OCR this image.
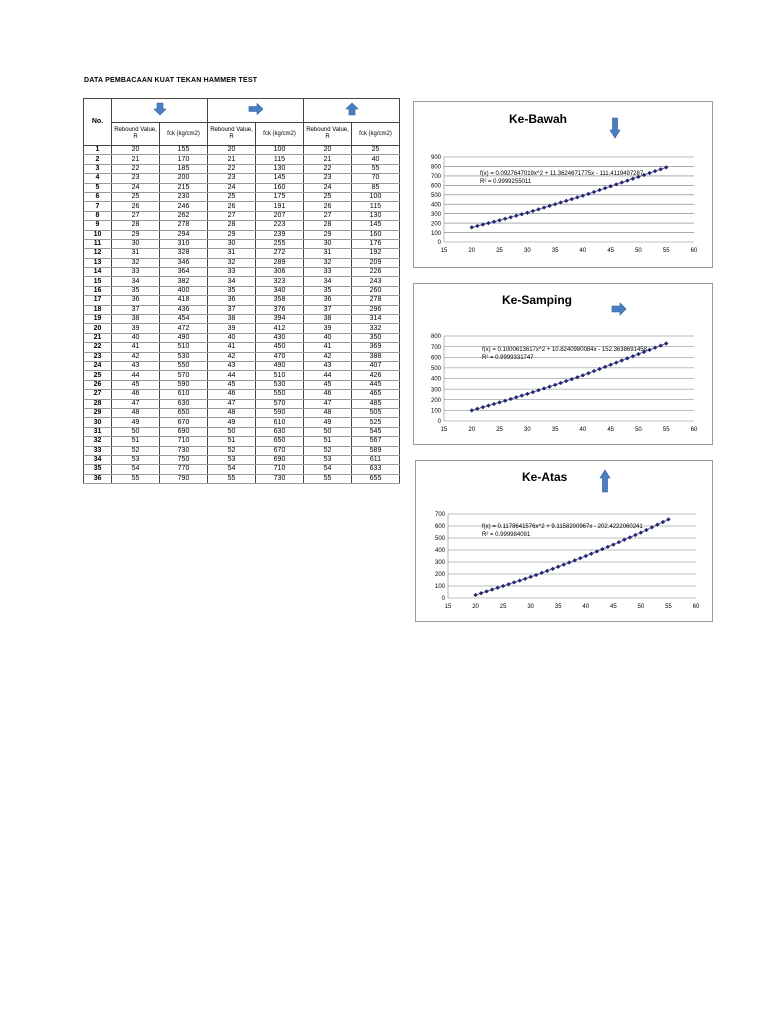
DATA PEMBACAAN KUAT TEKAN HAMMER TEST
No.			
	Rebound Value, R	fck (kg/cm2)	Rebound Value, R	fck (kg/cm2)	Rebound Value, R	fck (kg/cm2)
1	20	155	20	100	20	25
2	21	170	21	115	21	40
3	22	185	22	130	22	55
4	23	200	23	145	23	70
5	24	215	24	160	24	85
6	25	230	25	175	25	100
7	26	246	26	191	26	115
8	27	262	27	207	27	130
9	28	278	28	223	28	145
10	29	294	29	239	29	160
11	30	310	30	255	30	176
12	31	328	31	272	31	192
13	32	346	32	289	32	209
14	33	364	33	306	33	226
15	34	382	34	323	34	243
16	35	400	35	340	35	260
17	36	418	36	358	36	278
18	37	436	37	376	37	296
19	38	454	38	394	38	314
20	39	472	39	412	39	332
21	40	490	40	430	40	350
22	41	510	41	450	41	369
23	42	530	42	470	42	388
24	43	550	43	490	43	407
25	44	570	44	510	44	426
26	45	590	45	530	45	445
27	46	610	46	550	46	465
28	47	630	47	570	47	485
29	48	650	48	590	48	505
30	49	670	49	610	49	525
31	50	690	50	630	50	545
32	51	710	51	650	51	567
33	52	730	52	670	52	589
34	53	750	53	690	53	611
35	54	770	54	710	54	633
36	55	790	55	730	55	655
Ke-Bawah
0
100
200
300
400
500
600
700
800
900
15	20	25	30	35	40	45	50	55	60
f(x) = 0.0927647019x^2 + 11.3624671775x - 111.4119497287
R² = 0.9999255011
Ke-Samping
0
100
200
300
400
500
600
700
800
15	20	25	30	35	40	45	50	55	60
f(x) = 0.1000613617x^2 + 10.8240980084x - 152.3638691458
R² = 0.9999331747
Ke-Atas
0
100
200
300
400
500
600
700
15	20	25	30	35	40	45	50	55	60
f(x) = 0.1178641576x^2 + 9.1158200967x - 202.4222060241
R² = 0.999984091
